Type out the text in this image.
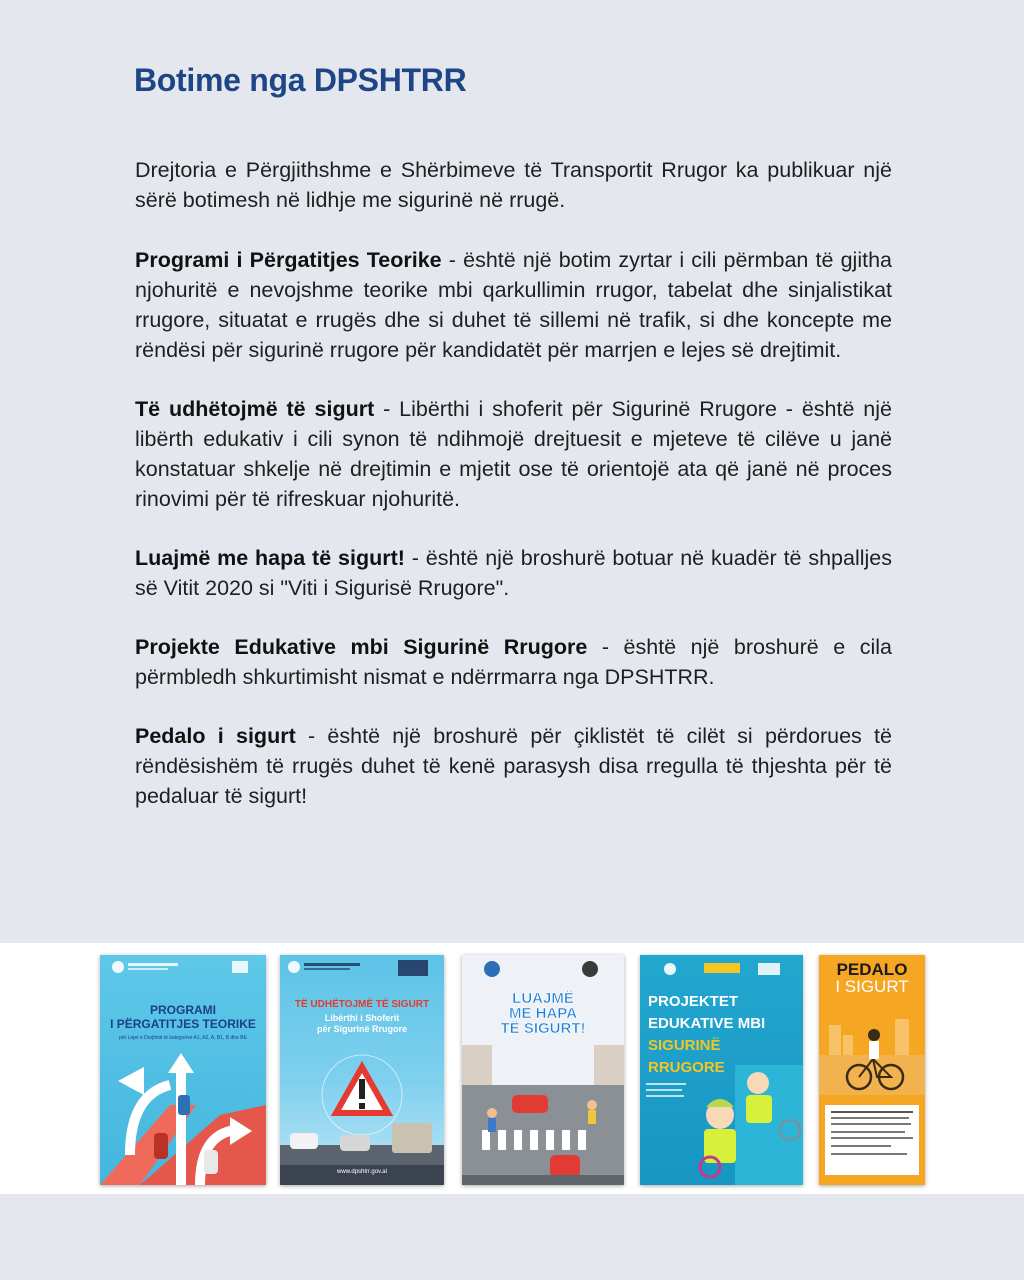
Botime nga DPSHTRR

Drejtoria e Përgjithshme e Shërbimeve të Transportit Rrugor ka publikuar një sërë botimesh në lidhje me sigurinë në rrugë.

Programi i Përgatitjes Teorike - është një botim zyrtar i cili përmban të gjitha njohuritë e nevojshme teorike mbi qarkullimin rrugor, tabelat dhe sinjalistikat rrugore, situatat e rrugës dhe si duhet të sillemi në trafik, si dhe koncepte me rëndësi për sigurinë rrugore për kandidatët për marrjen e lejes së drejtimit.

Të udhëtojmë të sigurt - Libërthi i shoferit për Sigurinë Rrugore - është një libërth edukativ i cili synon të ndihmojë drejtuesit e mjeteve të cilëve u janë konstatuar shkelje në drejtimin e mjetit ose të orientojë ata që janë në proces rinovimi për të rifreskuar njohuritë.

Luajmë me hapa të sigurt! - është një broshurë botuar në kuadër të shpalljes së Vitit 2020 si "Viti i Sigurisë Rrugore".

Projekte Edukative mbi Sigurinë Rrugore - është një broshurë e cila përmbledh shkurtimisht nismat e ndërrmarra nga DPSHTRR.

Pedalo i sigurt - është një broshurë për çiklistët të cilët si përdorues të rëndësishëm të rrugës duhet të kenë parasysh disa rregulla të thjeshta për të pedaluar të sigurt!

PROGRAMI
I PËRGATITJES TEORIKE
për Lejet e Drejtimit të kategorive A1, A2, A, B1, B dhe BE
TË UDHËTOJMË TË SIGURT
Libërthi i Shoferit
për Sigurinë Rrugore
www.dpshtrr.gov.al
LUAJMË
ME HAPA
TË SIGURT!
PROJEKTET
EDUKATIVE MBI
SIGURINË
RRUGORE
PEDALO
I SIGURT
